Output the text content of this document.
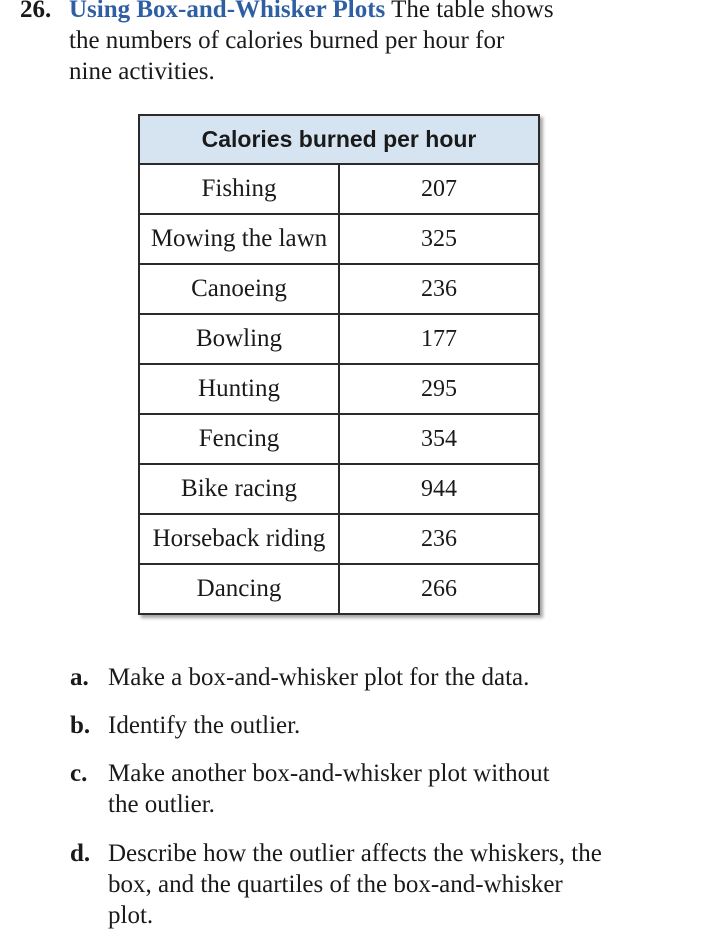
26. Using Box-and-Whisker Plots The table shows
the numbers of calories burned per hour for
nine activities.
Calories burned per hour	
Fishing	207
Mowing the lawn	325
Canoeing	236
Bowling	177
Hunting	295
Fencing	354
Bike racing	944
Horseback riding	236
Dancing	266
a. Make a box-and-whisker plot for the data.
b. Identify the outlier.
c. Make another box-and-whisker plot without
the outlier.
d. Describe how the outlier affects the whiskers, the
box, and the quartiles of the box-and-whisker
plot.
